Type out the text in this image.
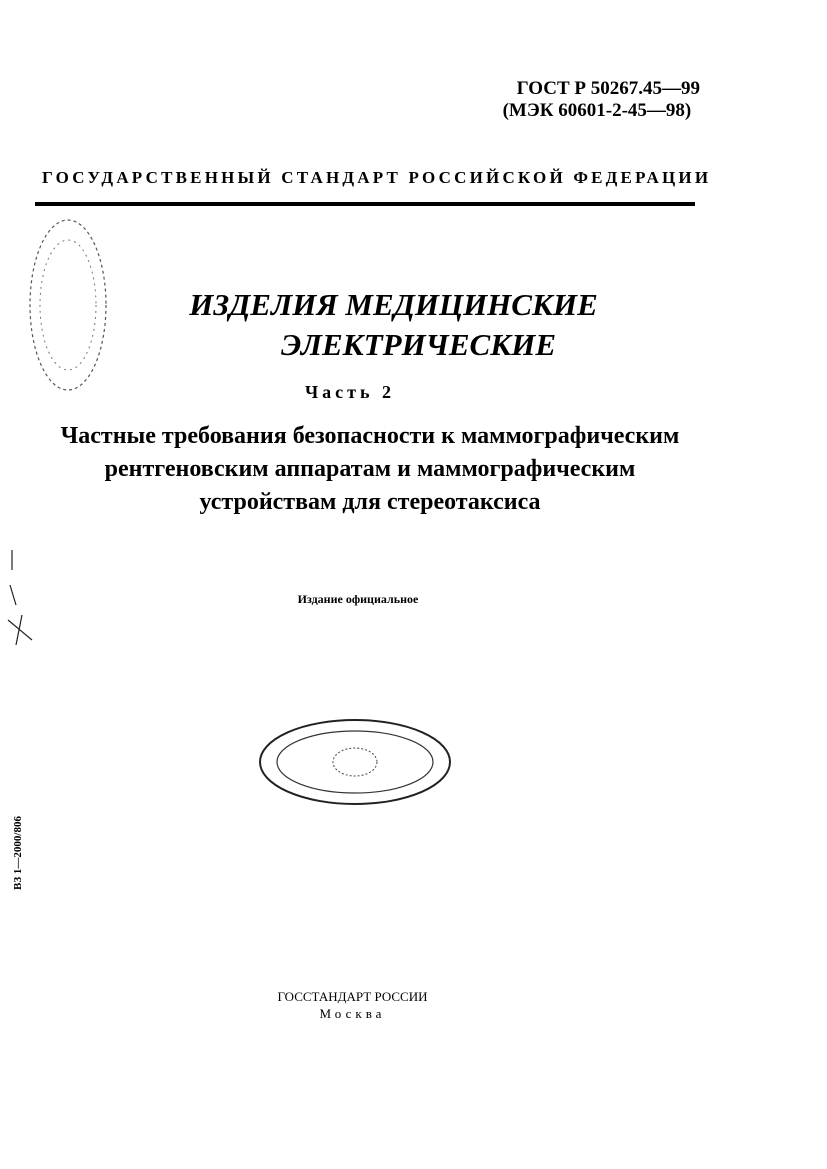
ГОСТ Р 50267.45—99
(МЭК 60601-2-45—98)
ГОСУДАРСТВЕННЫЙ СТАНДАРТ РОССИЙСКОЙ ФЕДЕРАЦИИ
ИЗДЕЛИЯ МЕДИЦИНСКИЕ
ЭЛЕКТРИЧЕСКИЕ
Часть 2
Частные требования безопасности к маммографическим
рентгеновским аппаратам и маммографическим
устройствам для стереотаксиса
Издание официальное
ВЗ 1—2000/806
ГОССТАНДАРТ РОССИИ
Москва
